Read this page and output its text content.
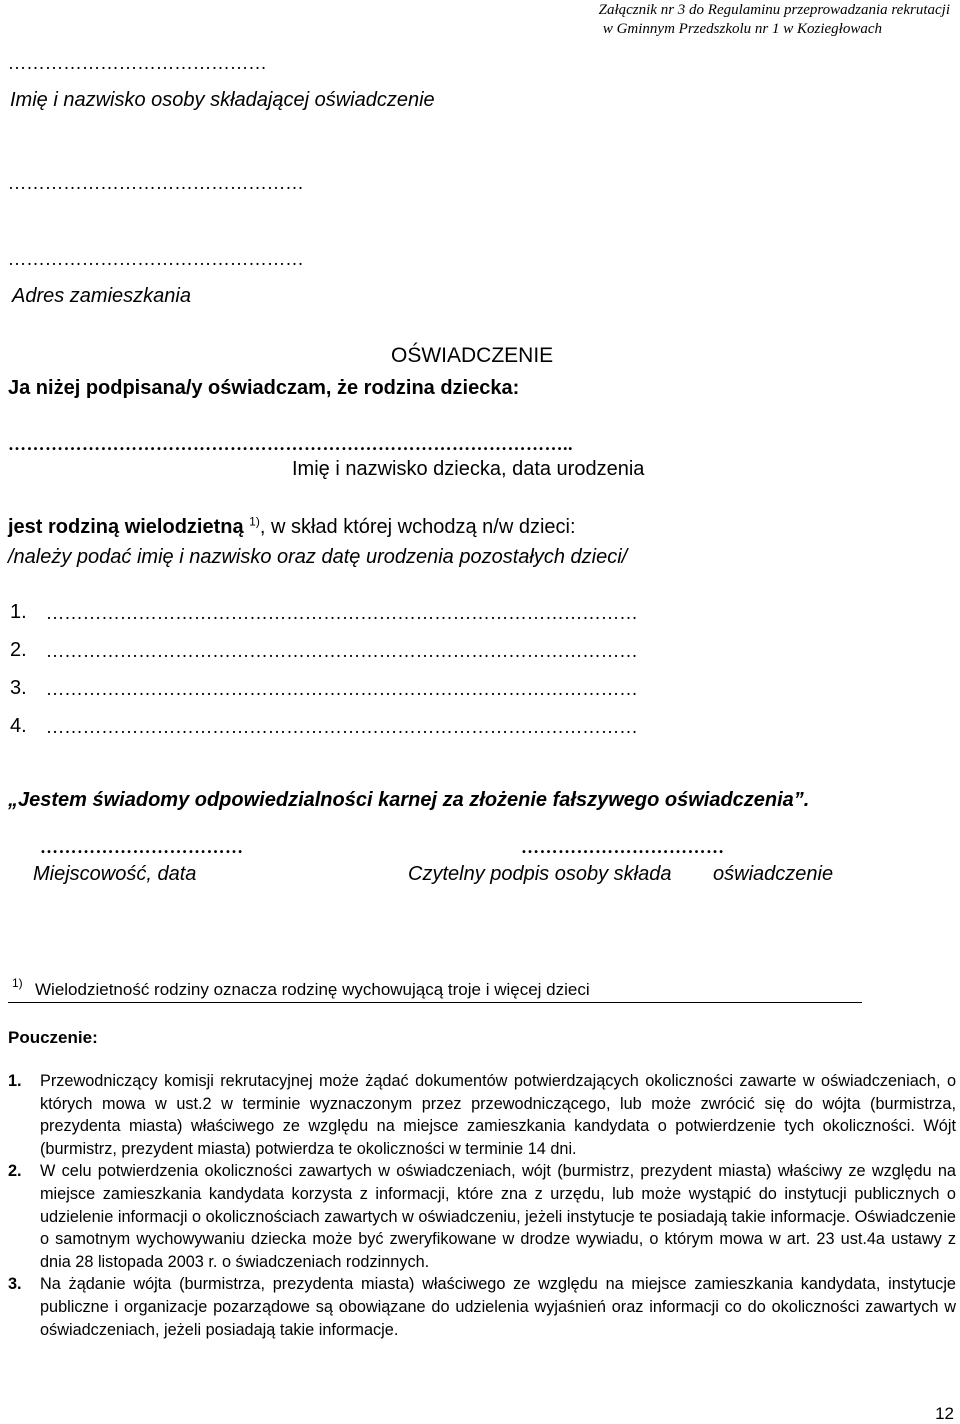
Załącznik nr 3 do Regulaminu przeprowadzania rekrutacji
w Gminnym Przedszkolu nr 1 w Koziegłowach
……………………………………
Imię i nazwisko osoby składającej oświadczenie
…………………………………………
…………………………………………
Adres zamieszkania
OŚWIADCZENIE
Ja niżej podpisana/y oświadczam, że rodzina dziecka:
………………………………………………………………………………..
Imię i nazwisko dziecka, data urodzenia
jest rodziną wielodzietną $^{1)}$, w skład której wchodzą n/w dzieci:
/należy podać imię i nazwisko oraz datę urodzenia pozostałych dzieci/
1. ……………………………………………………………………………………
2. ……………………………………………………………………………………
3. ……………………………………………………………………………………
4. ……………………………………………………………………………………
„Jestem świadomy odpowiedzialności karnej za złożenie fałszywego oświadczenia”.
……………………………	……………………………
Miejscowość, data	Czytelny podpis osoby składa oświadczenie
1) Wielodzietność rodziny oznacza rodzinę wychowującą troje i więcej dzieci
Pouczenie:
1. Przewodniczący komisji rekrutacyjnej może żądać dokumentów potwierdzających okoliczności zawarte w oświadczeniach, o których mowa w ust.2 w terminie wyznaczonym przez przewodniczącego, lub może zwrócić się do wójta (burmistrza, prezydenta miasta) właściwego ze względu na miejsce zamieszkania kandydata o potwierdzenie tych okoliczności. Wójt (burmistrz, prezydent miasta) potwierdza te okoliczności w terminie 14 dni.
2. W celu potwierdzenia okoliczności zawartych w oświadczeniach, wójt (burmistrz, prezydent miasta) właściwy ze względu na miejsce zamieszkania kandydata korzysta z informacji, które zna z urzędu, lub może wystąpić do instytucji publicznych o udzielenie informacji o okolicznościach zawartych w oświadczeniu, jeżeli instytucje te posiadają takie informacje. Oświadczenie o samotnym wychowywaniu dziecka może być zweryfikowane w drodze wywiadu, o którym mowa w art. 23 ust.4a ustawy z dnia 28 listopada 2003 r. o świadczeniach rodzinnych.
3. Na żądanie wójta (burmistrza, prezydenta miasta) właściwego ze względu na miejsce zamieszkania kandydata, instytucje publiczne i organizacje pozarządowe są obowiązane do udzielenia wyjaśnień oraz informacji co do okoliczności zawartych w oświadczeniach, jeżeli posiadają takie informacje.
12
